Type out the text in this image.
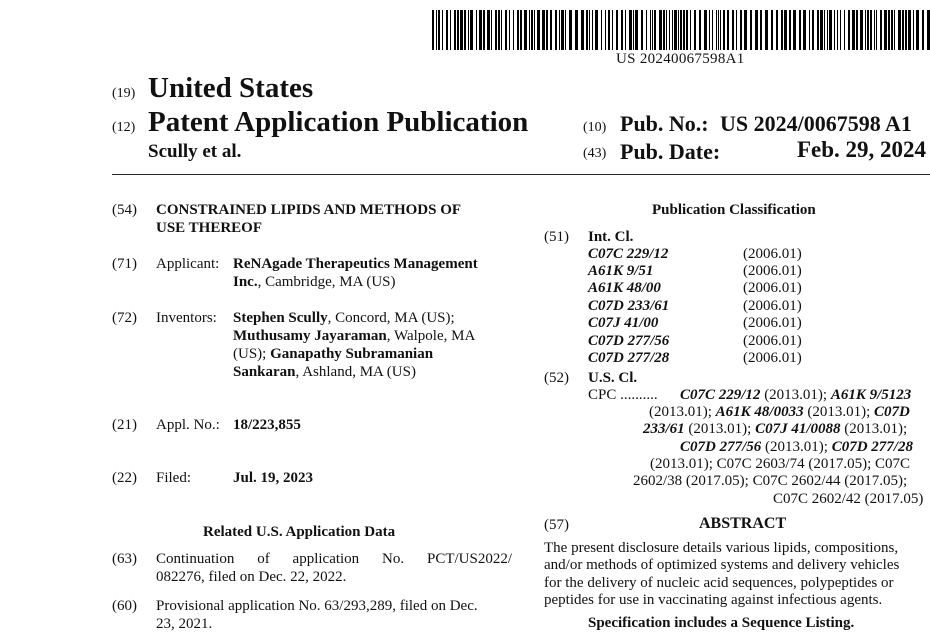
US 20240067598A1
(19) United States
(12) Patent Application Publication
Scully et al.
(10) Pub. No.: US 2024/0067598 A1
(43) Pub. Date:	Feb. 29, 2024
(54) CONSTRAINED LIPIDS AND METHODS OF
USE THEREOF
(71) Applicant: ReNAgade Therapeutics Management
Inc., Cambridge, MA (US)
(72) Inventors: Stephen Scully, Concord, MA (US);
Muthusamy Jayaraman, Walpole, MA
(US); Ganapathy Subramanian
Sankaran, Ashland, MA (US)
(21) Appl. No.: 18/223,855
(22) Filed:	Jul. 19, 2023
Related U.S. Application Data
(63) Continuation of application No. PCT/US2022/
082276, filed on Dec. 22, 2022.
(60) Provisional application No. 63/293,289, filed on Dec.
23, 2021.
Publication Classification
(51) Int. Cl.
C07C 229/12	(2006.01)
A61K 9/51	(2006.01)
A61K 48/00	(2006.01)
C07D 233/61	(2006.01)
C07J 41/00	(2006.01)
C07D 277/56	(2006.01)
C07D 277/28	(2006.01)
(52) U.S. Cl.
CPC .......... C07C 229/12 (2013.01); A61K 9/5123
(2013.01); A61K 48/0033 (2013.01); C07D
233/61 (2013.01); C07J 41/0088 (2013.01);
C07D 277/56 (2013.01); C07D 277/28
(2013.01); C07C 2603/74 (2017.05); C07C
2602/38 (2017.05); C07C 2602/44 (2017.05);
C07C 2602/42 (2017.05)
(57)	ABSTRACT
The present disclosure details various lipids, compositions,
and/or methods of optimized systems and delivery vehicles
for the delivery of nucleic acid sequences, polypeptides or
peptides for use in vaccinating against infectious agents.
Specification includes a Sequence Listing.
